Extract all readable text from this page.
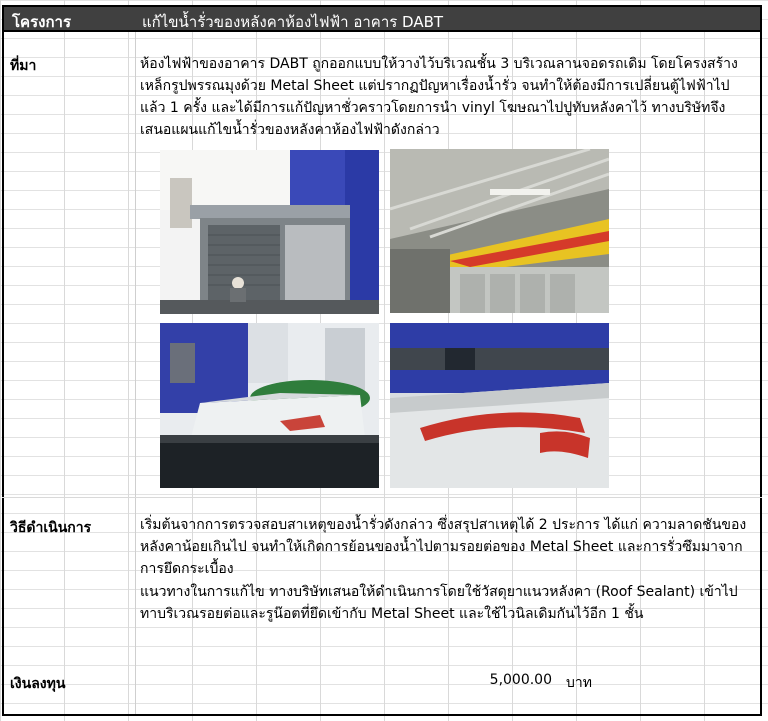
โครงการ	แก้ไขน้ำรั่วของหลังคาห้องไฟฟ้า อาคาร DABT
ที่มา	ห้องไฟฟ้าของอาคาร DABT ถูกออกแบบให้วางไว้บริเวณชั้น 3 บริเวณลานจอดรถเดิม โดยโครงสร้างเหล็กรูปพรรณมุงด้วย Metal Sheet แต่ปรากฏปัญหาเรื่องน้ำรั่ว จนทำให้ต้องมีการเปลี่ยนตู้ไฟฟ้าไปแล้ว 1 ครั้ง และได้มีการแก้ปัญหาชั่วคราวโดยการนำ vinyl โฆษณาไปปูทับหลังคาไว้ ทางบริษัทจึงเสนอแผนแก้ไขน้ำรั่วของหลังคาห้องไฟฟ้าดังกล่าว
วิธีดำเนินการ	เริ่มต้นจากการตรวจสอบสาเหตุของน้ำรั่วดังกล่าว ซึ่งสรุปสาเหตุได้ 2 ประการ ได้แก่ ความลาดชันของหลังคาน้อยเกินไป จนทำให้เกิดการย้อนของน้ำไปตามรอยต่อของ Metal Sheet และการรั่วซึมมาจากการยึดกระเบื้อง
แนวทางในการแก้ไข ทางบริษัทเสนอให้ดำเนินการโดยใช้วัสดุยาแนวหลังคา (Roof Sealant) เข้าไปทาบริเวณรอยต่อและรูน๊อตที่ยึดเข้ากับ Metal Sheet และใช้ไวนิลเดิมกันไว้อีก 1 ชั้น
เงินลงทุน	5,000.00 บาท
